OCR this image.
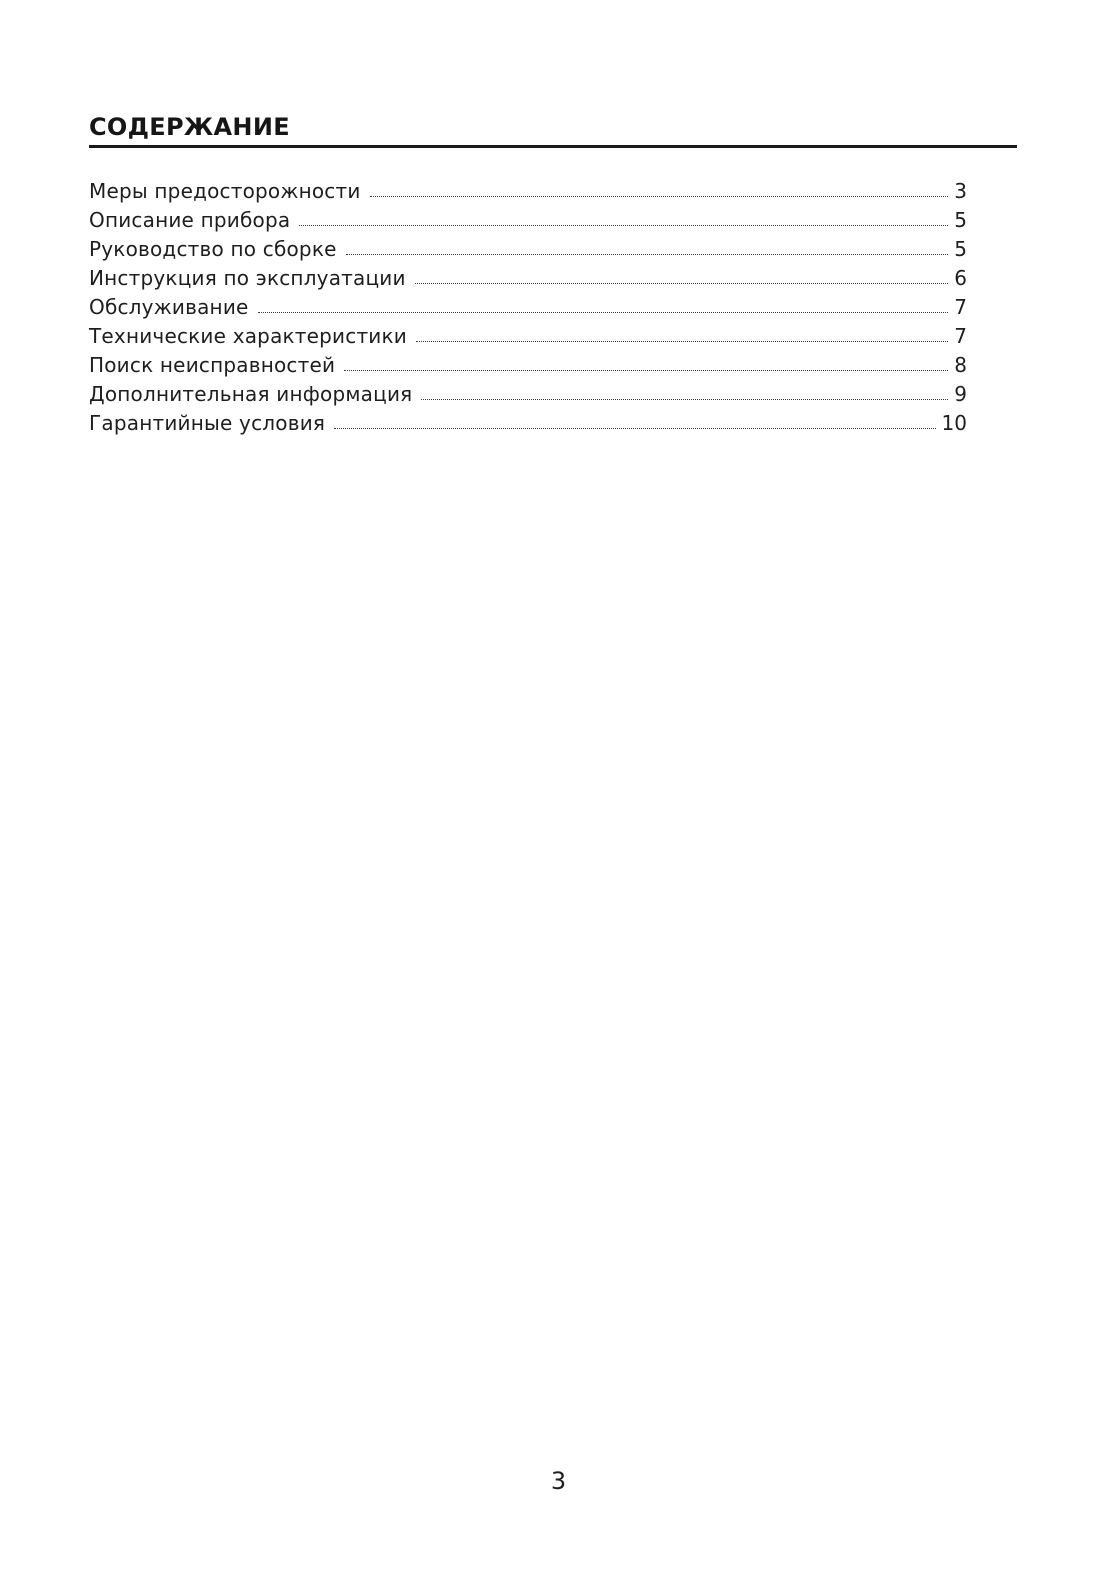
СОДЕРЖАНИЕ
Меры предосторожности	3
Описание прибора	5
Руководство по сборке	5
Инструкция по эксплуатации	6
Обслуживание	7
Технические характеристики	7
Поиск неисправностей	8
Дополнительная информация	9
Гарантийные условия	10
3
